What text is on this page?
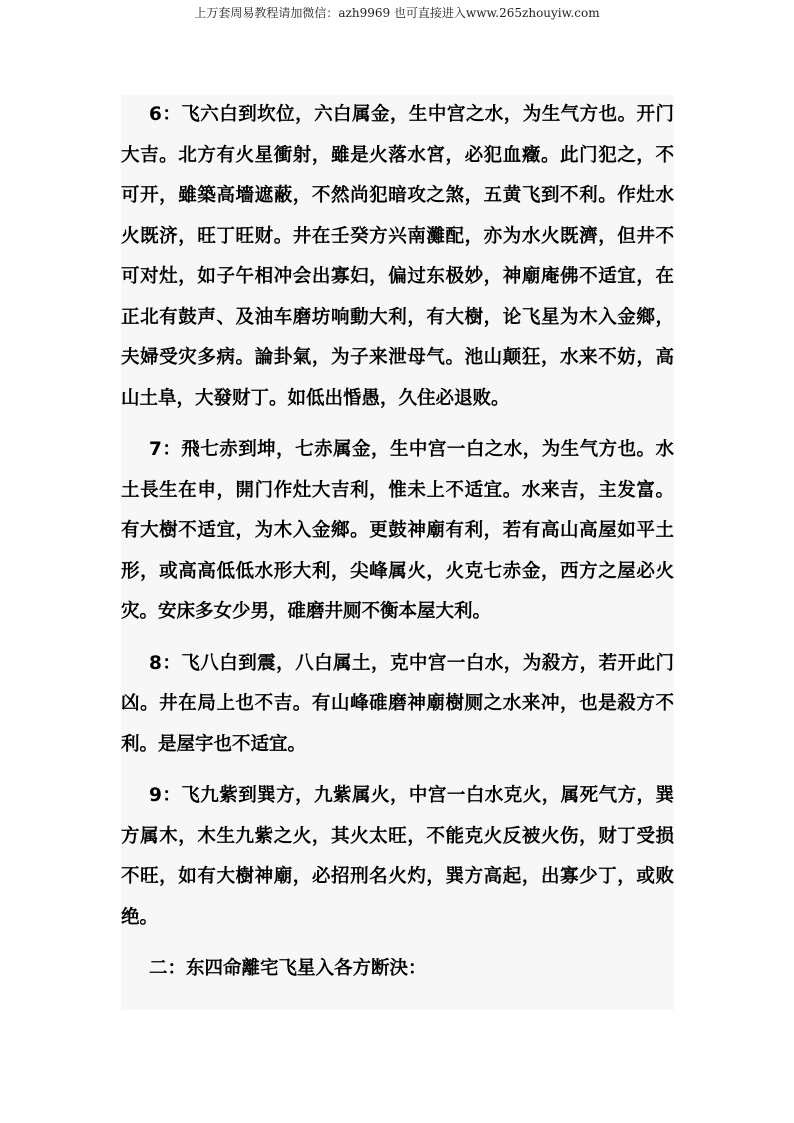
上万套周易教程请加微信：azh9969 也可直接进入www.265zhouyiw.com

6：飞六白到坎位，六白属金，生中宫之水，为生气方也。开门大吉。北方有火星衝射，雖是火落水宮，必犯血癥。此门犯之，不可开，雖築高墻遮蔽，不然尚犯暗攻之煞，五黄飞到不利。作灶水火既济，旺丁旺财。井在壬癸方兴南灘配，亦为水火既濟，但井不可对灶，如子午相冲会出寡妇，偏过东极妙，神廟庵佛不适宜，在正北有鼓声、及油车磨坊响動大利，有大樹，论飞星为木入金鄉，夫婦受灾多病。論卦氣，为子来泄母气。池山颠狂，水来不妨，高山土阜，大發财丁。如低出惛愚，久住必退败。

7：飛七赤到坤，七赤属金，生中宫一白之水，为生气方也。水土長生在申，開门作灶大吉利，惟未上不适宜。水来吉，主发富。有大樹不适宜，为木入金鄉。更鼓神廟有利，若有高山高屋如平土形，或高高低低水形大利，尖峰属火，火克七赤金，西方之屋必火灾。安床多女少男，碓磨井厕不衡本屋大利。

8：飞八白到震，八白属土，克中宫一白水，为殺方，若开此门凶。井在局上也不吉。有山峰碓磨神廟樹厕之水来冲，也是殺方不利。是屋宇也不适宜。

9：飞九紫到巽方，九紫属火，中宫一白水克火，属死气方，巽方属木，木生九紫之火，其火太旺，不能克火反被火伤，财丁受损不旺，如有大樹神廟，必招刑名火灼，巽方高起，出寡少丁，或败绝。

二：东四命離宅飞星入各方断決：
